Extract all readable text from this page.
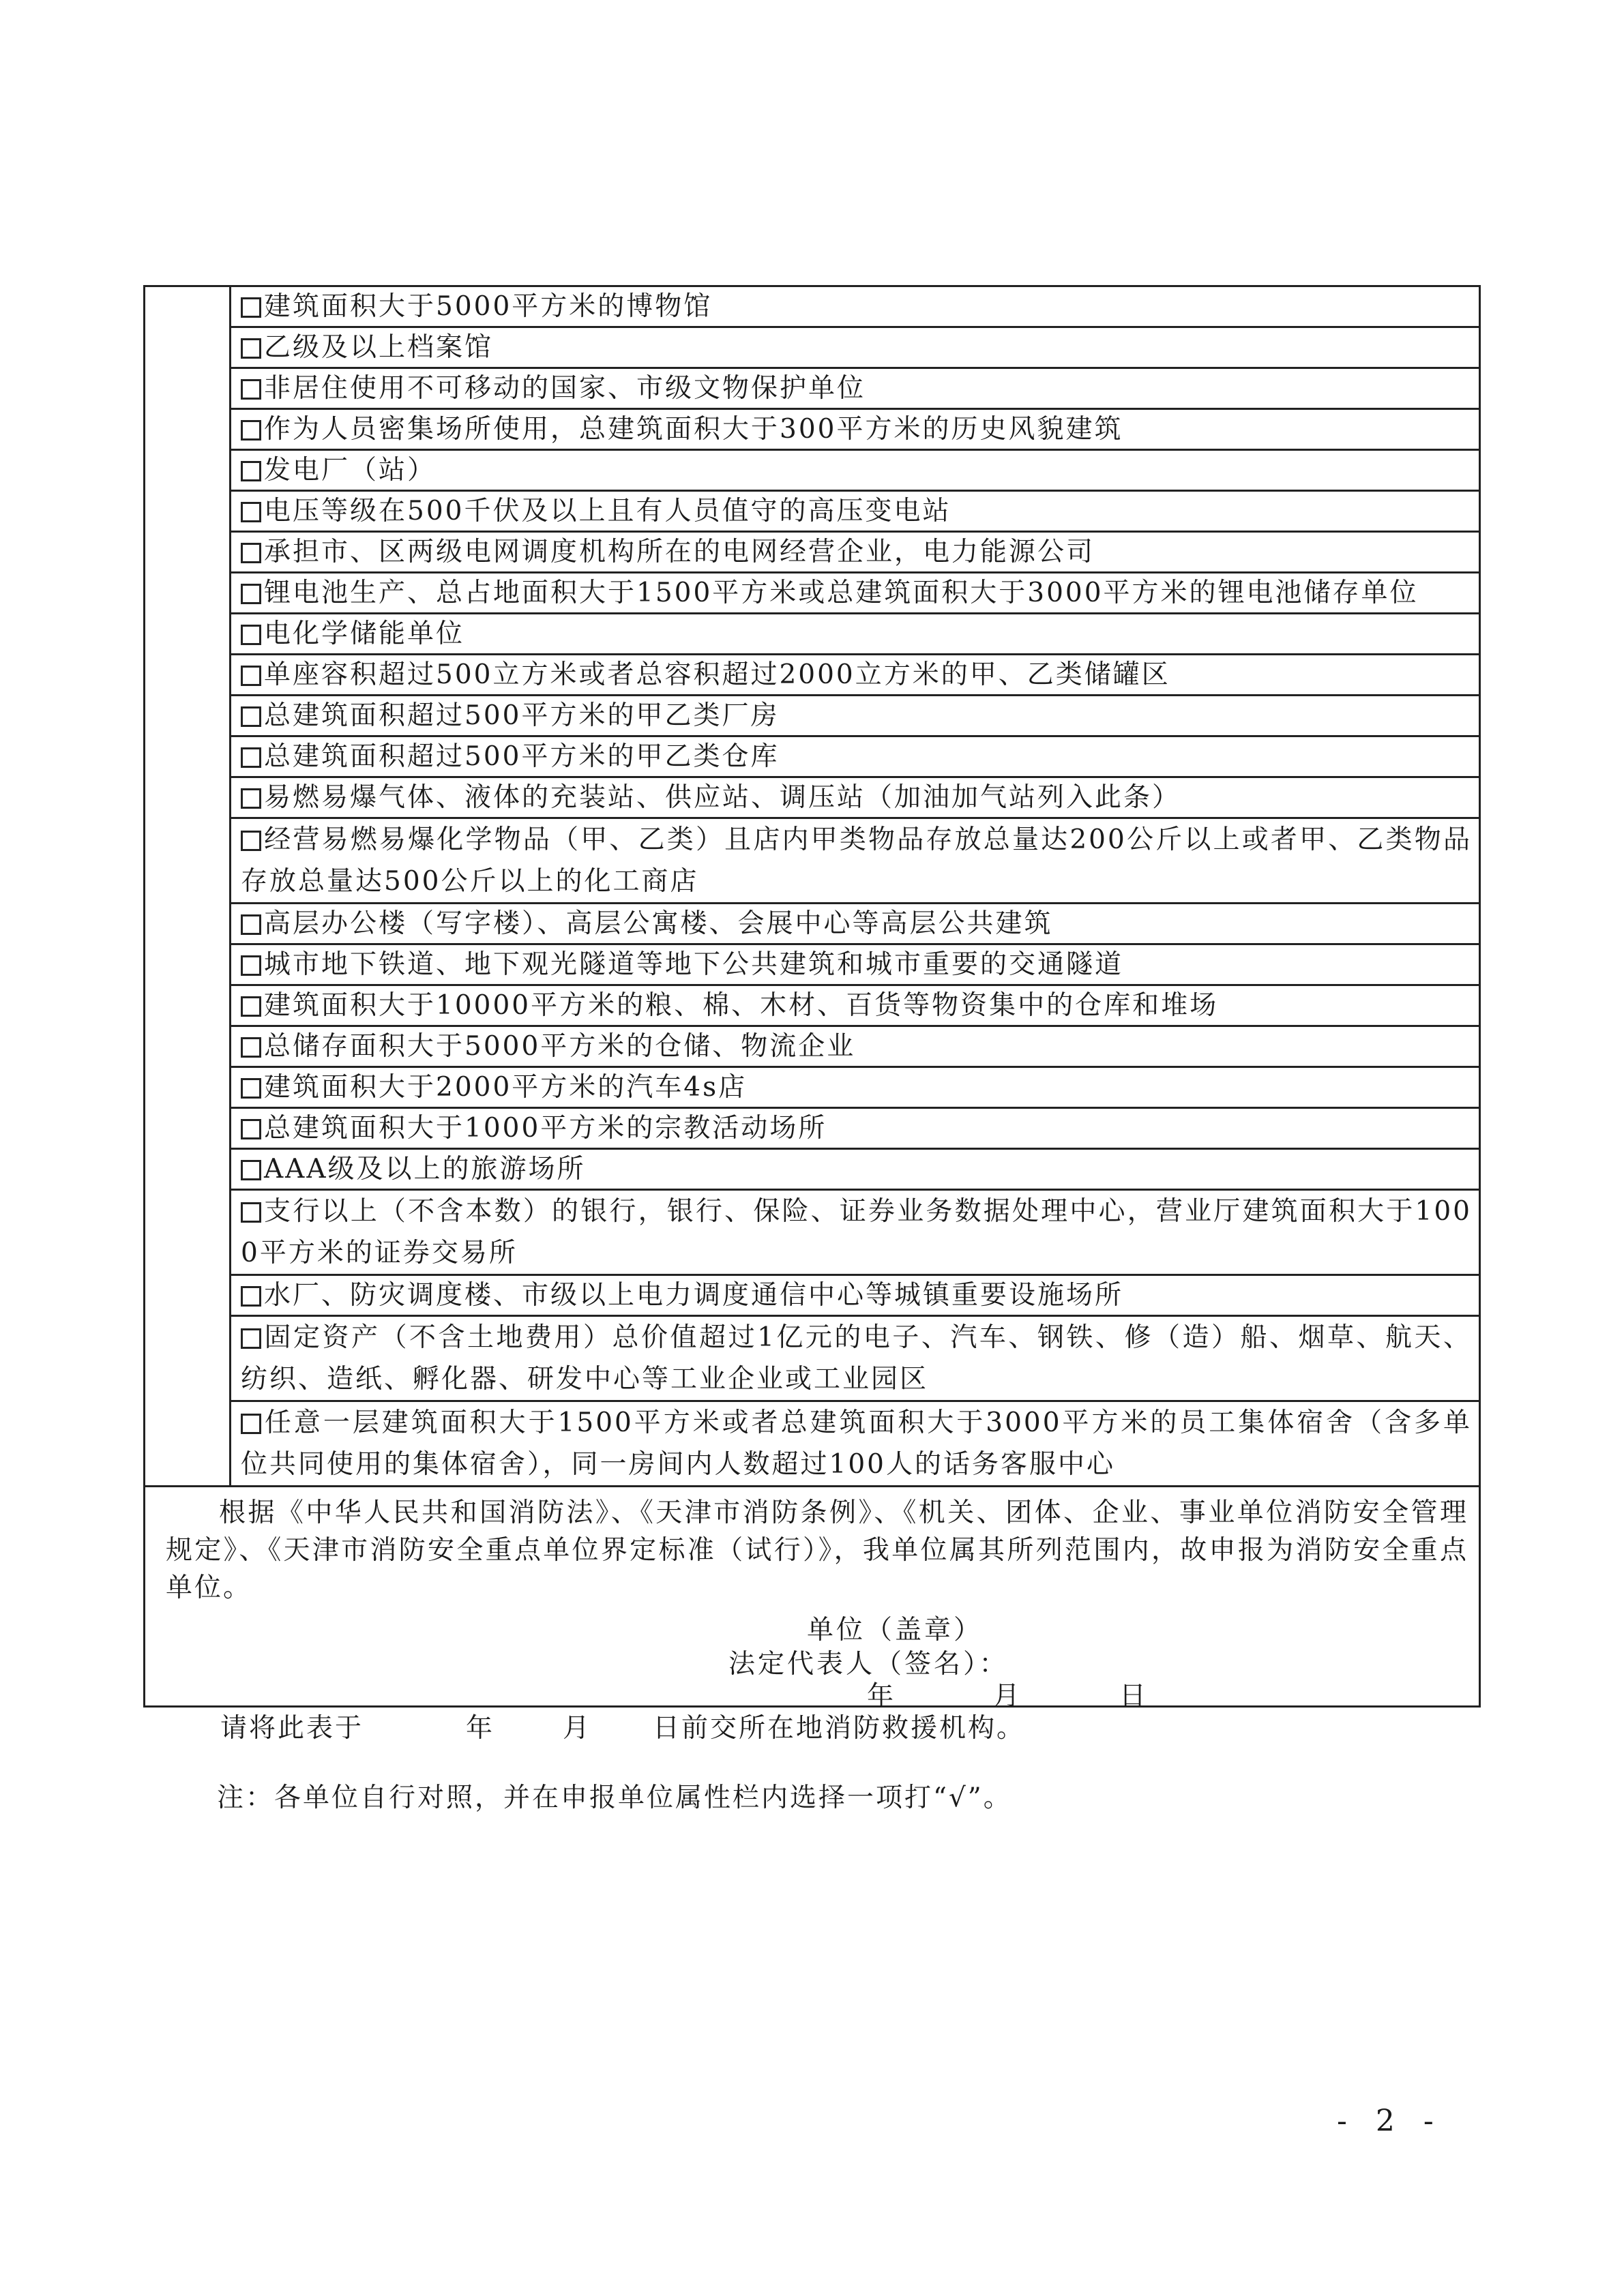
	建筑面积大于5000平方米的博物馆
乙级及以上档案馆
非居住使用不可移动的国家、市级文物保护单位
作为人员密集场所使用，总建筑面积大于300平方米的历史风貌建筑
发电厂（站）
电压等级在500千伏及以上且有人员值守的高压变电站
承担市、区两级电网调度机构所在的电网经营企业，电力能源公司
锂电池生产、总占地面积大于1500平方米或总建筑面积大于3000平方米的锂电池储存单位
电化学储能单位
单座容积超过500立方米或者总容积超过2000立方米的甲、乙类储罐区
总建筑面积超过500平方米的甲乙类厂房
总建筑面积超过500平方米的甲乙类仓库
易燃易爆气体、液体的充装站、供应站、调压站（加油加气站列入此条）
经营易燃易爆化学物品（甲、乙类）且店内甲类物品存放总量达200公斤以上或者甲、乙类物品存放总量达500公斤以上的化工商店
高层办公楼（写字楼）、高层公寓楼、会展中心等高层公共建筑
城市地下铁道、地下观光隧道等地下公共建筑和城市重要的交通隧道
建筑面积大于10000平方米的粮、棉、木材、百货等物资集中的仓库和堆场
总储存面积大于5000平方米的仓储、物流企业
建筑面积大于2000平方米的汽车4s店
总建筑面积大于1000平方米的宗教活动场所
AAA级及以上的旅游场所
支行以上（不含本数）的银行，银行、保险、证券业务数据处理中心，营业厅建筑面积大于1000平方米的证券交易所
水厂、防灾调度楼、市级以上电力调度通信中心等城镇重要设施场所
固定资产（不含土地费用）总价值超过1亿元的电子、汽车、钢铁、修（造）船、烟草、航天、纺织、造纸、孵化器、研发中心等工业企业或工业园区
任意一层建筑面积大于1500平方米或者总建筑面积大于3000平方米的员工集体宿舍（含多单位共同使用的集体宿舍），同一房间内人数超过100人的话务客服中心

根据《中华人民共和国消防法》、《天津市消防条例》、《机关、团体、企业、事业单位消防安全管理规定》、《天津市消防安全重点单位界定标准（试行）》，我单位属其所列范围内，故申报为消防安全重点单位。
单位（盖章）
法定代表人（签名）：
年	月	日
请将此表于	年	月 日前交所在地消防救援机构。
注：各单位自行对照，并在申报单位属性栏内选择一项打“√”。
- 2 -
